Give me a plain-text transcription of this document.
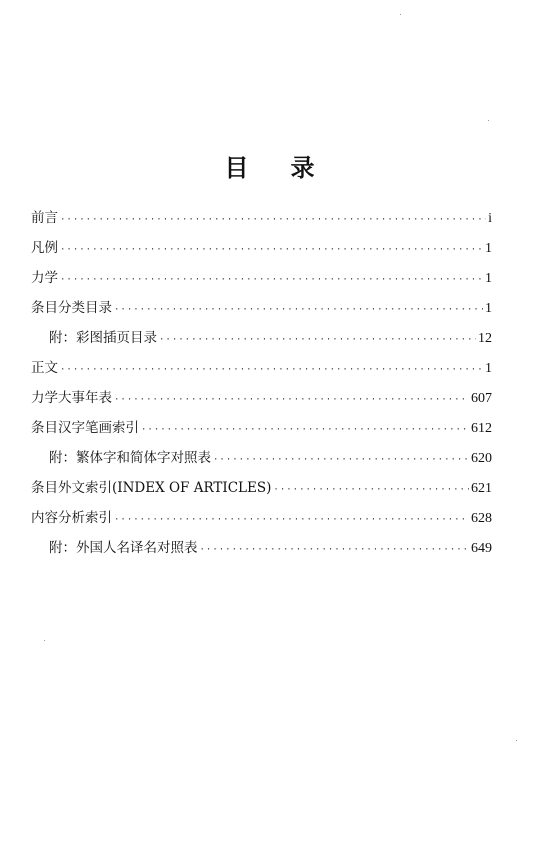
目 录
前言 ·····	i
凡例 ·····	1
力学 ·····	1
条目分类目录 ·····	1
附：彩图插页目录 ·····	12
正文 ·····	1
力学大事年表 ·····	607
条目汉字笔画索引 ·····	612
附：繁体字和简体字对照表 ·····	620
条目外文索引(INDEX OF ARTICLES) ·····	621
内容分析索引 ·····	628
附：外国人名译名对照表 ·····	649
